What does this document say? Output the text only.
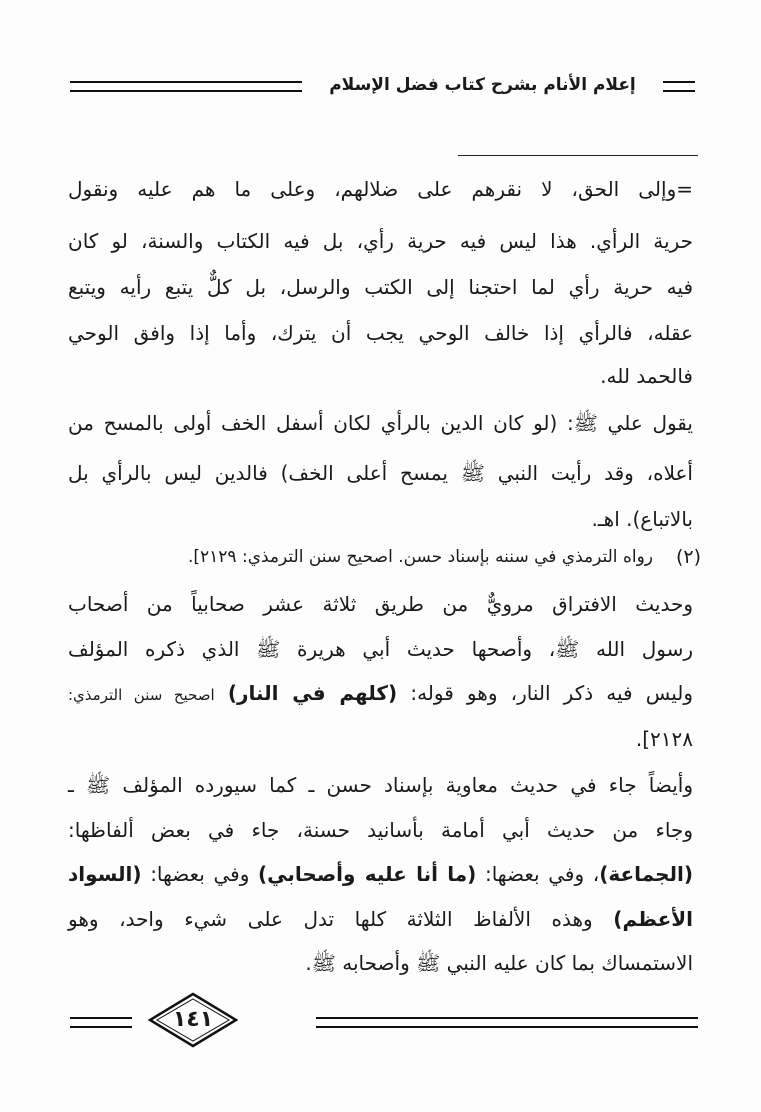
إعلام الأنام بشرح كتاب فضل الإسلام
=وإلى الحق، لا نقرهم على ضلالهم، وعلى ما هم عليه ونقول
حرية الرأي. هذا ليس فيه حرية رأي، بل فيه الكتاب والسنة، لو كان
فيه حرية رأي لما احتجنا إلى الكتب والرسل، بل كلٌّ يتبع رأيه ويتبع
عقله، فالرأي إذا خالف الوحي يجب أن يترك، وأما إذا وافق الوحي
فالحمد لله.
يقول علي ﷺ: (لو كان الدين بالرأي لكان أسفل الخف أولى بالمسح من
أعلاه، وقد رأيت النبي ﷺ يمسح أعلى الخف) فالدين ليس بالرأي بل
بالاتباع). اهـ.
(٢)
رواه الترمذي في سننه بإسناد حسن. اصحيح سنن الترمذي: ٢١٢٩].
وحديث الافتراق مرويٌّ من طريق ثلاثة عشر صحابياً من أصحاب
رسول الله ﷺ، وأصحها حديث أبي هريرة ﷺ الذي ذكره المؤلف
وليس فيه ذكر النار، وهو قوله: (كلهم في النار) اصحيح سنن الترمذي:
٢١٢٨].
وأيضاً جاء في حديث معاوية بإسناد حسن ـ كما سيورده المؤلف ﷺ ـ
وجاء من حديث أبي أمامة بأسانيد حسنة، جاء في بعض ألفاظها:
(الجماعة)، وفي بعضها: (ما أنا عليه وأصحابي) وفي بعضها: (السواد
الأعظم) وهذه الألفاظ الثلاثة كلها تدل على شيء واحد، وهو
الاستمساك بما كان عليه النبي ﷺ وأصحابه ﷺ.
١٤١
